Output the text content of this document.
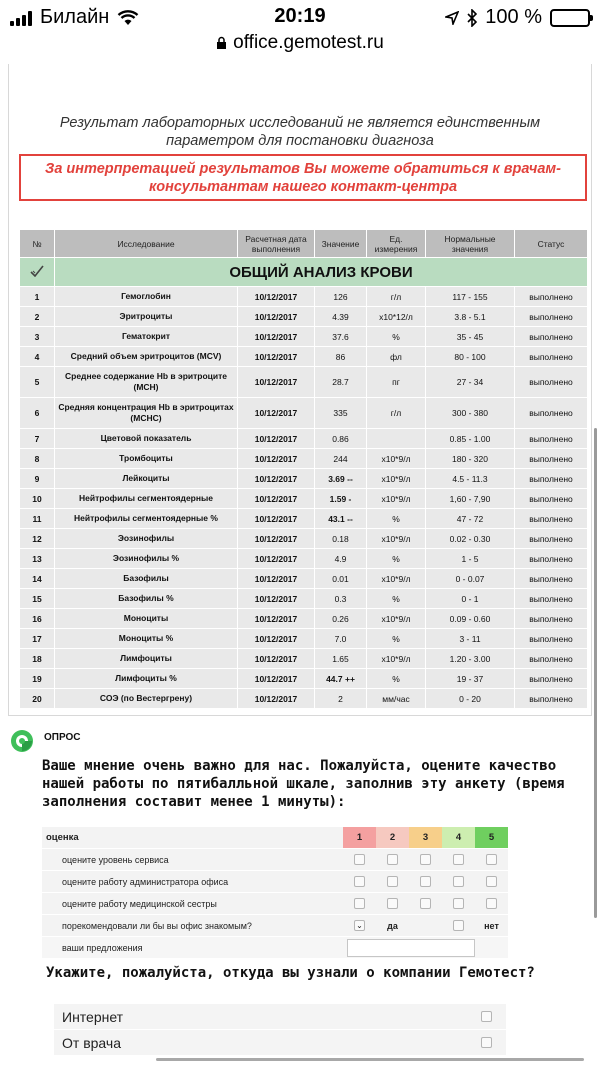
Билайн	20:19	100 %
office.gemotest.ru
Результат лабораторных исследований не является единственным параметром для постановки диагноза
За интерпретацией результатов Вы можете обратиться к врачам-консультантам нашего контакт-центра
№	Исследование	Расчетная дата выполнения	Значение	Ед. измерения	Нормальные значения	Статус
	ОБЩИЙ АНАЛИЗ КРОВИ					
1	Гемоглобин	10/12/2017	126	г/л	117 - 155	выполнено
2	Эритроциты	10/12/2017	4.39	x10*12/л	3.8 - 5.1	выполнено
3	Гематокрит	10/12/2017	37.6	%	35 - 45	выполнено
4	Средний объем эритроцитов (MCV)	10/12/2017	86	фл	80 - 100	выполнено
5	Среднее содержание Hb в эритроците (MCH)	10/12/2017	28.7	пг	27 - 34	выполнено
6	Средняя концентрация Hb в эритроцитах (MCHC)	10/12/2017	335	г/л	300 - 380	выполнено
7	Цветовой показатель	10/12/2017	0.86		0.85 - 1.00	выполнено
8	Тромбоциты	10/12/2017	244	x10*9/л	180 - 320	выполнено
9	Лейкоциты	10/12/2017	3.69 --	x10*9/л	4.5 - 11.3	выполнено
10	Нейтрофилы сегментоядерные	10/12/2017	1.59 -	x10*9/л	1,60 - 7,90	выполнено
11	Нейтрофилы сегментоядерные %	10/12/2017	43.1 --	%	47 - 72	выполнено
12	Эозинофилы	10/12/2017	0.18	x10*9/л	0.02 - 0.30	выполнено
13	Эозинофилы %	10/12/2017	4.9	%	1 - 5	выполнено
14	Базофилы	10/12/2017	0.01	x10*9/л	0 - 0.07	выполнено
15	Базофилы %	10/12/2017	0.3	%	0 - 1	выполнено
16	Моноциты	10/12/2017	0.26	x10*9/л	0.09 - 0.60	выполнено
17	Моноциты %	10/12/2017	7.0	%	3 - 11	выполнено
18	Лимфоциты	10/12/2017	1.65	x10*9/л	1.20 - 3.00	выполнено
19	Лимфоциты %	10/12/2017	44.7 ++	%	19 - 37	выполнено
20	СОЭ (по Вестергрену)	10/12/2017	2	мм/час	0 - 20	выполнено
ОПРОС
Ваше мнение очень важно для нас. Пожалуйста, оцените качество нашей работы по пятибалльной шкале, заполнив эту анкету (время заполнения составит менее 1 минуты):
оценка	1	2	3	4	5
оцените уровень сервиса
оцените работу администратора офиса
оцените работу медицинской сестры
порекомендовали ли бы вы офис знакомым?	⌄	да	нет
ваши предложения
Укажите, пожалуйста, откуда вы узнали о компании Гемотест?
Интернет
От врача
